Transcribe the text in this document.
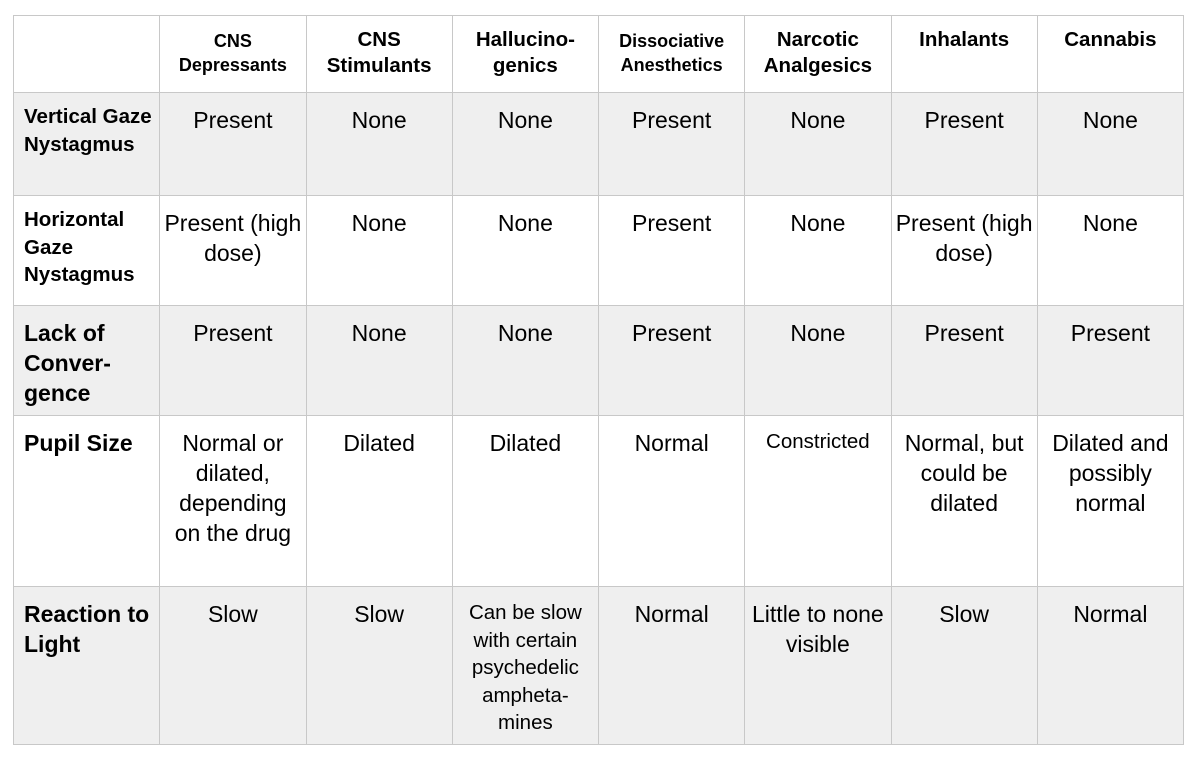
	CNS Depressants	CNS Stimulants	Hallucino-genics	Dissociative Anesthetics	Narcotic Analgesics	Inhalants	Cannabis
Vertical Gaze Nystagmus	Present	None	None	Present	None	Present	None
Horizontal Gaze Nystagmus	Present (high dose)	None	None	Present	None	Present (high dose)	None
Lack of Conver-gence	Present	None	None	Present	None	Present	Present
Pupil Size	Normal or dilated, depending on the drug	Dilated	Dilated	Normal	Constricted	Normal, but could be dilated	Dilated and possibly normal
Reaction to Light	Slow	Slow	Can be slow with certain psychedelic ampheta-mines	Normal	Little to none visible	Slow	Normal
